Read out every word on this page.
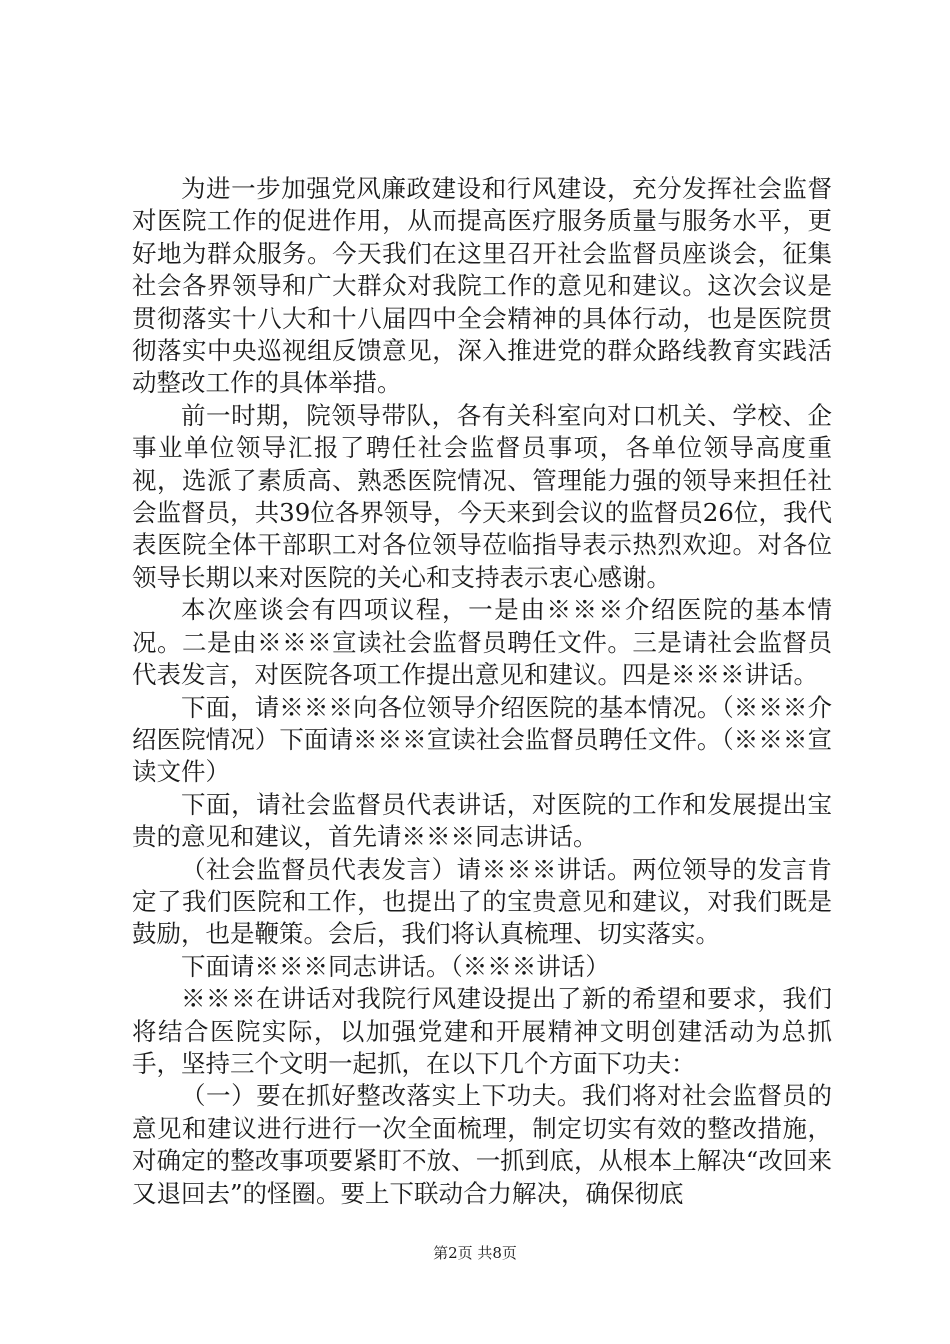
为进一步加强党风廉政建设和行风建设，充分发挥社会监督对医院工作的促进作用，从而提高医疗服务质量与服务水平，更好地为群众服务。今天我们在这里召开社会监督员座谈会，征集社会各界领导和广大群众对我院工作的意见和建议。这次会议是贯彻落实十八大和十八届四中全会精神的具体行动，也是医院贯彻落实中央巡视组反馈意见，深入推进党的群众路线教育实践活动整改工作的具体举措。

前一时期，院领导带队，各有关科室向对口机关、学校、企事业单位领导汇报了聘任社会监督员事项，各单位领导高度重视，选派了素质高、熟悉医院情况、管理能力强的领导来担任社会监督员，共39位各界领导，今天来到会议的监督员26位，我代表医院全体干部职工对各位领导莅临指导表示热烈欢迎。对各位领导长期以来对医院的关心和支持表示衷心感谢。

本次座谈会有四项议程，一是由※※※介绍医院的基本情况。二是由※※※宣读社会监督员聘任文件。三是请社会监督员代表发言，对医院各项工作提出意见和建议。四是※※※讲话。

下面，请※※※向各位领导介绍医院的基本情况。（※※※介绍医院情况）下面请※※※宣读社会监督员聘任文件。（※※※宣读文件）

下面，请社会监督员代表讲话，对医院的工作和发展提出宝贵的意见和建议，首先请※※※同志讲话。

（社会监督员代表发言）请※※※讲话。两位领导的发言肯定了我们医院和工作，也提出了的宝贵意见和建议，对我们既是鼓励，也是鞭策。会后，我们将认真梳理、切实落实。

下面请※※※同志讲话。（※※※讲话）

※※※在讲话对我院行风建设提出了新的希望和要求，我们将结合医院实际，以加强党建和开展精神文明创建活动为总抓手，坚持三个文明一起抓，在以下几个方面下功夫：

（一）要在抓好整改落实上下功夫。我们将对社会监督员的意见和建议进行进行一次全面梳理，制定切实有效的整改措施，对确定的整改事项要紧盯不放、一抓到底，从根本上解决“改回来又退回去”的怪圈。要上下联动合力解决，确保彻底

第2页 共8页
